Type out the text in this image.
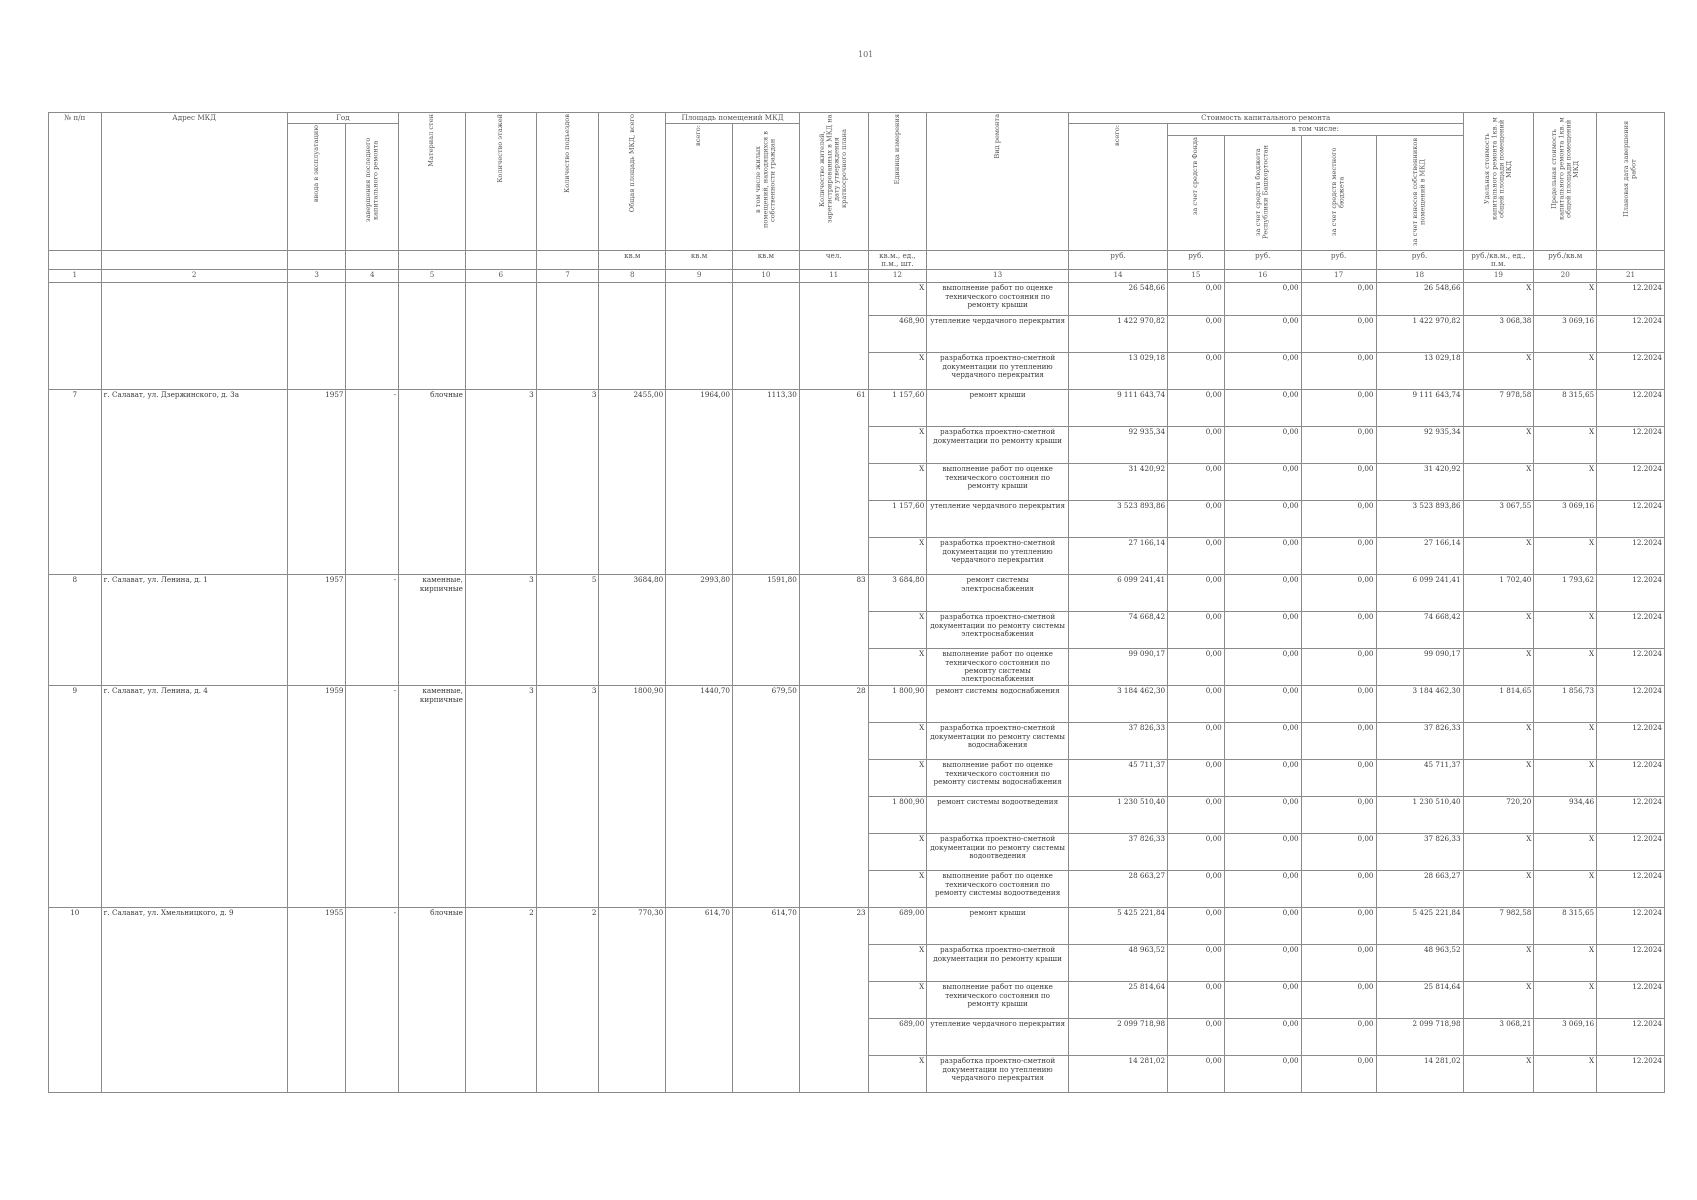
101
№ п/п	Адрес МКД	Год		Материал стен	Количество этажей	Количество подъездов	Общая площадь МКД, всего	Площадь помещений МКД		Количество жителей, зарегистрированных в МКД на дату утверждения краткосрочного плана	Единица измерения	Вид ремонта	Стоимость капитального ремонта					Удельная стоимость капитального ремонта 1кв. м общей площади помещений МКД	Предельная стоимость капитального ремонта 1кв. м общей площади помещений МКД	Плановая дата завершения работ
		ввода в эксплуатацию	завершения последнего капитального ремонта					всего:	в том числе жилых помещений, находящихся в собственности граждан				всего:	в том числе:						
														за счет средств Фонда	за счет средств бюджета Республики Башкортостан	за счет средств местного бюджета	за счет взносов собственников помещений в МКД			
							кв.м	кв.м	кв.м	чел.	кв.м., ед., п.м., шт.		руб.	руб.	руб.	руб.	руб.	руб./кв.м., ед., п.м.	руб./кв.м	
1	2	3	4	5	6	7	8	9	10	11	12	13	14	15	16	17	18	19	20	21
											X	выполнение работ по оценке технического состояния по ремонту крыши	26 548,66	0,00	0,00	0,00	26 548,66	X	X	12.2024
											468,90	утепление чердачного перекрытия	1 422 970,82	0,00	0,00	0,00	1 422 970,82	3 068,38	3 069,16	12.2024
											X	разработка проектно-сметной документации по утеплению чердачного перекрытия	13 029,18	0,00	0,00	0,00	13 029,18	X	X	12.2024
7	г. Салават, ул. Дзержинского, д. 3а	1957	-	блочные	3	3	2455,00	1964,00	1113,30	61	1 157,60	ремонт крыши	9 111 643,74	0,00	0,00	0,00	9 111 643,74	7 978,58	8 315,65	12.2024
											X	разработка проектно-сметной документации по ремонту крыши	92 935,34	0,00	0,00	0,00	92 935,34	X	X	12.2024
											X	выполнение работ по оценке технического состояния по ремонту крыши	31 420,92	0,00	0,00	0,00	31 420,92	X	X	12.2024
											1 157,60	утепление чердачного перекрытия	3 523 893,86	0,00	0,00	0,00	3 523 893,86	3 067,55	3 069,16	12.2024
											X	разработка проектно-сметной документации по утеплению чердачного перекрытия	27 166,14	0,00	0,00	0,00	27 166,14	X	X	12.2024
8	г. Салават, ул. Ленина, д. 1	1957	-	каменные, кирпичные	3	5	3684,80	2993,80	1591,80	83	3 684,80	ремонт системы электроснабжения	6 099 241,41	0,00	0,00	0,00	6 099 241,41	1 702,40	1 793,62	12.2024
											X	разработка проектно-сметной документации по ремонту системы электроснабжения	74 668,42	0,00	0,00	0,00	74 668,42	X	X	12.2024
											X	выполнение работ по оценке технического состояния по ремонту системы электроснабжения	99 090,17	0,00	0,00	0,00	99 090,17	X	X	12.2024
9	г. Салават, ул. Ленина, д. 4	1959	-	каменные, кирпичные	3	3	1800,90	1440,70	679,50	28	1 800,90	ремонт системы водоснабжения	3 184 462,30	0,00	0,00	0,00	3 184 462,30	1 814,65	1 856,73	12.2024
											X	разработка проектно-сметной документации по ремонту системы водоснабжения	37 826,33	0,00	0,00	0,00	37 826,33	X	X	12.2024
											X	выполнение работ по оценке технического состояния по ремонту системы водоснабжения	45 711,37	0,00	0,00	0,00	45 711,37	X	X	12.2024
											1 800,90	ремонт системы водоотведения	1 230 510,40	0,00	0,00	0,00	1 230 510,40	720,20	934,46	12.2024
											X	разработка проектно-сметной документации по ремонту системы водоотведения	37 826,33	0,00	0,00	0,00	37 826,33	X	X	12.2024
											X	выполнение работ по оценке технического состояния по ремонту системы водоотведения	28 663,27	0,00	0,00	0,00	28 663,27	X	X	12.2024
10	г. Салават, ул. Хмельницкого, д. 9	1955	-	блочные	2	2	770,30	614,70	614,70	23	689,00	ремонт крыши	5 425 221,84	0,00	0,00	0,00	5 425 221,84	7 982,58	8 315,65	12.2024
											X	разработка проектно-сметной документации по ремонту крыши	48 963,52	0,00	0,00	0,00	48 963,52	X	X	12.2024
											X	выполнение работ по оценке технического состояния по ремонту крыши	25 814,64	0,00	0,00	0,00	25 814,64	X	X	12.2024
											689,00	утепление чердачного перекрытия	2 099 718,98	0,00	0,00	0,00	2 099 718,98	3 068,21	3 069,16	12.2024
											X	разработка проектно-сметной документации по утеплению чердачного перекрытия	14 281,02	0,00	0,00	0,00	14 281,02	X	X	12.2024
